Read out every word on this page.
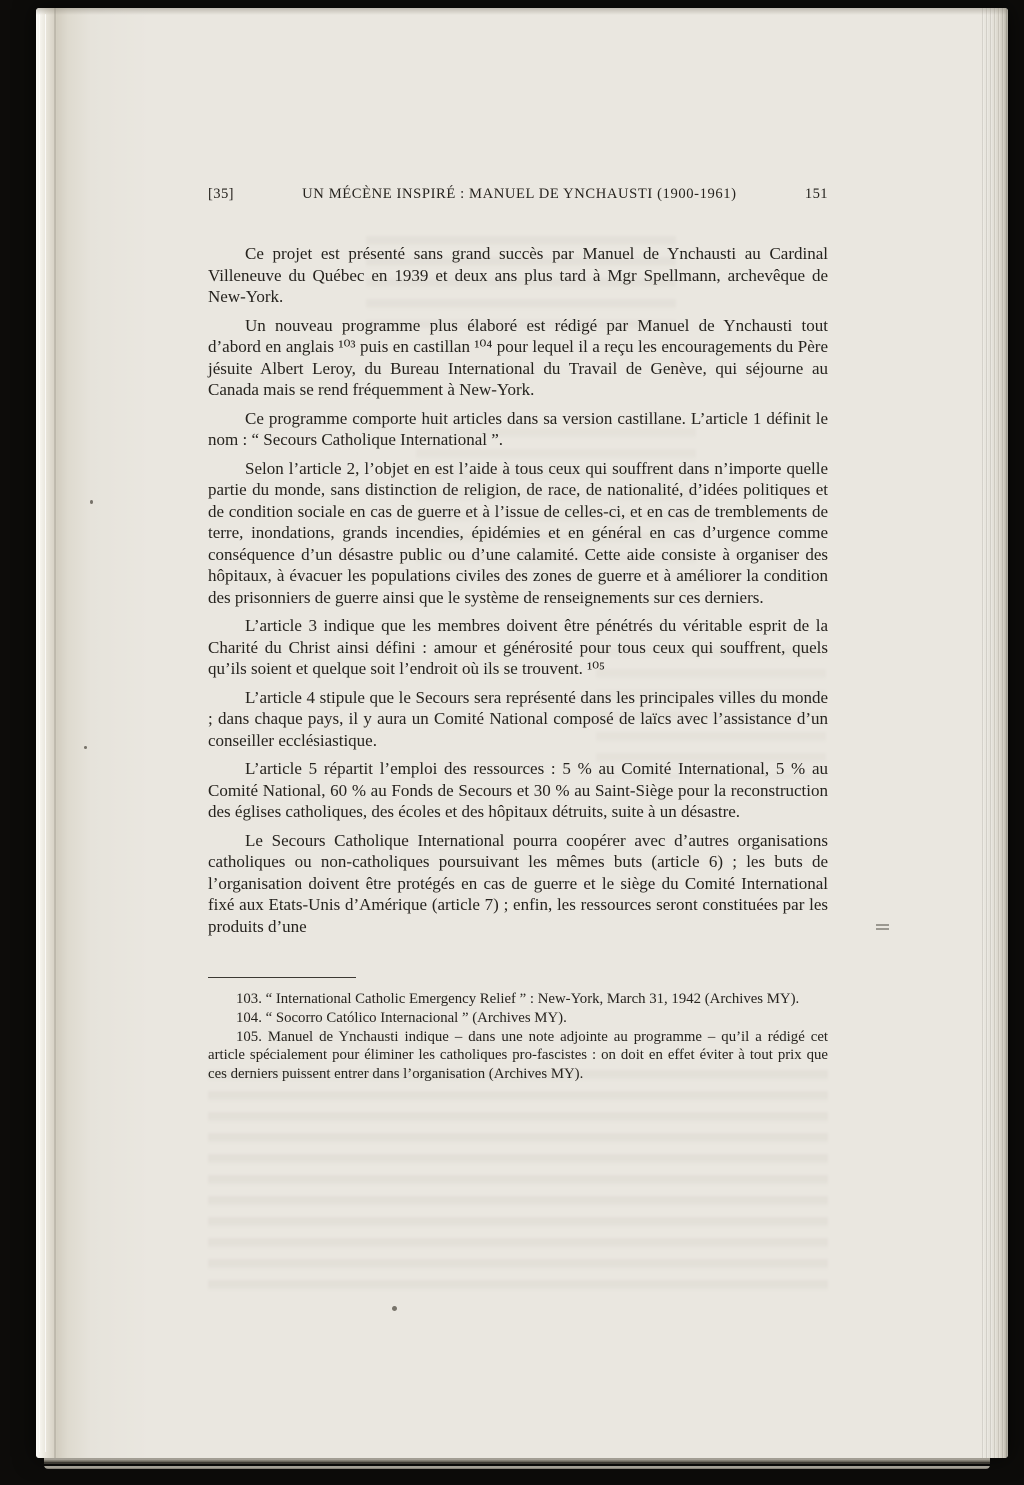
[35]	UN MÉCÈNE INSPIRÉ : MANUEL DE YNCHAUSTI (1900-1961)	151

Ce projet est présenté sans grand succès par Manuel de Ynchausti au Cardinal Villeneuve du Québec en 1939 et deux ans plus tard à Mgr Spellmann, archevêque de New-York.

Un nouveau programme plus élaboré est rédigé par Manuel de Ynchausti tout d’abord en anglais ¹⁰³ puis en castillan ¹⁰⁴ pour lequel il a reçu les encouragements du Père jésuite Albert Leroy, du Bureau International du Travail de Genève, qui séjourne au Canada mais se rend fréquemment à New-York.

Ce programme comporte huit articles dans sa version castillane. L’article 1 définit le nom : “ Secours Catholique International ”.

Selon l’article 2, l’objet en est l’aide à tous ceux qui souffrent dans n’importe quelle partie du monde, sans distinction de religion, de race, de nationalité, d’idées politiques et de condition sociale en cas de guerre et à l’issue de celles-ci, et en cas de tremblements de terre, inondations, grands incendies, épidémies et en général en cas d’urgence comme conséquence d’un désastre public ou d’une calamité. Cette aide consiste à organiser des hôpitaux, à évacuer les populations civiles des zones de guerre et à améliorer la condition des prisonniers de guerre ainsi que le système de renseignements sur ces derniers.

L’article 3 indique que les membres doivent être pénétrés du véritable esprit de la Charité du Christ ainsi défini : amour et générosité pour tous ceux qui souffrent, quels qu’ils soient et quelque soit l’endroit où ils se trouvent. ¹⁰⁵

L’article 4 stipule que le Secours sera représenté dans les principales villes du monde ; dans chaque pays, il y aura un Comité National composé de laïcs avec l’assistance d’un conseiller ecclésiastique.

L’article 5 répartit l’emploi des ressources : 5 % au Comité International, 5 % au Comité National, 60 % au Fonds de Secours et 30 % au Saint-Siège pour la reconstruction des églises catholiques, des écoles et des hôpitaux détruits, suite à un désastre.

Le Secours Catholique International pourra coopérer avec d’autres organisations catholiques ou non-catholiques poursuivant les mêmes buts (article 6) ; les buts de l’organisation doivent être protégés en cas de guerre et le siège du Comité International fixé aux Etats-Unis d’Amérique (article 7) ; enfin, les ressources seront constituées par les produits d’une

103. “ International Catholic Emergency Relief ” : New-York, March 31, 1942 (Archives MY).

104. “ Socorro Católico Internacional ” (Archives MY).

105. Manuel de Ynchausti indique – dans une note adjointe au programme – qu’il a rédigé cet article spécialement pour éliminer les catholiques pro-fascistes : on doit en effet éviter à tout prix que ces derniers puissent entrer dans l’organisation (Archives MY).
